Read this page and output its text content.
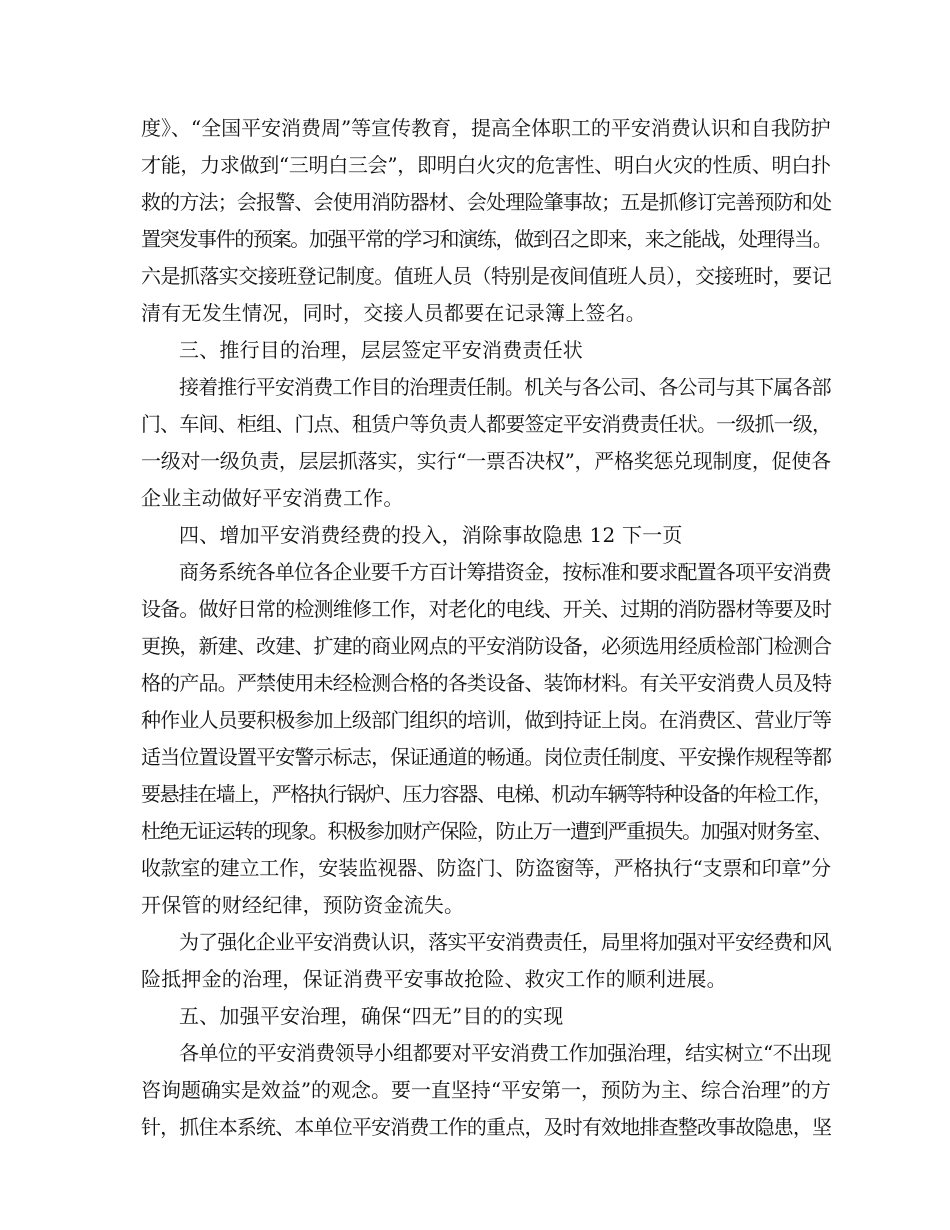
度》、“全国平安消费周”等宣传教育，提高全体职工的平安消费认识和自我防护
才能，力求做到“三明白三会”，即明白火灾的危害性、明白火灾的性质、明白扑
救的方法；会报警、会使用消防器材、会处理险肇事故；五是抓修订完善预防和处
置突发事件的预案。加强平常的学习和演练，做到召之即来，来之能战，处理得当。
六是抓落实交接班登记制度。值班人员（特别是夜间值班人员），交接班时，要记
清有无发生情况，同时，交接人员都要在记录簿上签名。
三、推行目的治理，层层签定平安消费责任状
接着推行平安消费工作目的治理责任制。机关与各公司、各公司与其下属各部
门、车间、柜组、门点、租赁户等负责人都要签定平安消费责任状。一级抓一级，
一级对一级负责，层层抓落实，实行“一票否决权”，严格奖惩兑现制度，促使各
企业主动做好平安消费工作。
四、增加平安消费经费的投入，消除事故隐患 12 下一页
商务系统各单位各企业要千方百计筹措资金，按标准和要求配置各项平安消费
设备。做好日常的检测维修工作，对老化的电线、开关、过期的消防器材等要及时
更换，新建、改建、扩建的商业网点的平安消防设备，必须选用经质检部门检测合
格的产品。严禁使用未经检测合格的各类设备、装饰材料。有关平安消费人员及特
种作业人员要积极参加上级部门组织的培训，做到持证上岗。在消费区、营业厅等
适当位置设置平安警示标志，保证通道的畅通。岗位责任制度、平安操作规程等都
要悬挂在墙上，严格执行锅炉、压力容器、电梯、机动车辆等特种设备的年检工作，
杜绝无证运转的现象。积极参加财产保险，防止万一遭到严重损失。加强对财务室、
收款室的建立工作，安装监视器、防盗门、防盗窗等，严格执行“支票和印章”分
开保管的财经纪律，预防资金流失。
为了强化企业平安消费认识，落实平安消费责任，局里将加强对平安经费和风
险抵押金的治理，保证消费平安事故抢险、救灾工作的顺利进展。
五、加强平安治理，确保“四无”目的的实现
各单位的平安消费领导小组都要对平安消费工作加强治理，结实树立“不出现
咨询题确实是效益”的观念。要一直坚持“平安第一，预防为主、综合治理”的方
针，抓住本系统、本单位平安消费工作的重点，及时有效地排查整改事故隐患，坚
